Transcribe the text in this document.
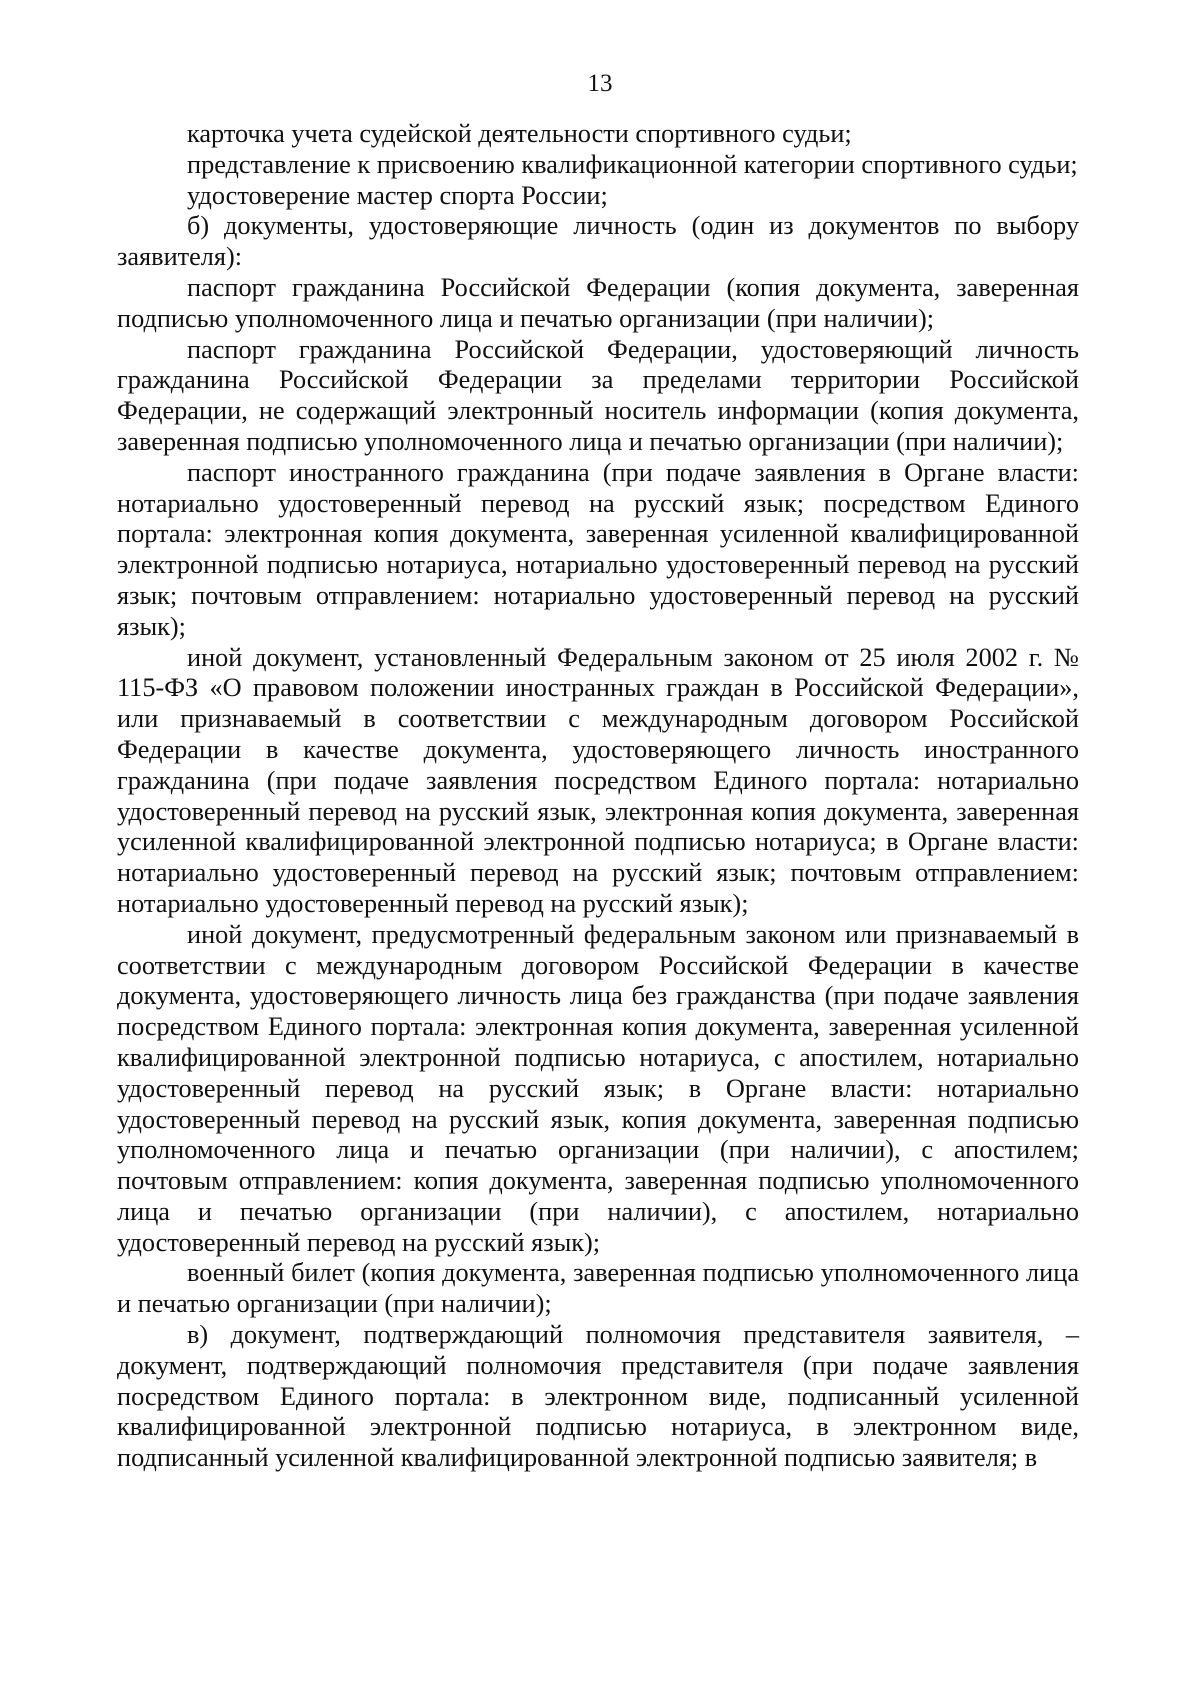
13

карточка учета судейской деятельности спортивного судьи;

представление к присвоению квалификационной категории спортивного судьи;

удостоверение мастер спорта России;

б) документы, удостоверяющие личность (один из документов по выбору заявителя):

паспорт гражданина Российской Федерации (копия документа, заверенная подписью уполномоченного лица и печатью организации (при наличии);

паспорт гражданина Российской Федерации, удостоверяющий личность гражданина Российской Федерации за пределами территории Российской Федерации, не содержащий электронный носитель информации (копия документа, заверенная подписью уполномоченного лица и печатью организации (при наличии);

паспорт иностранного гражданина (при подаче заявления в Органе власти: нотариально удостоверенный перевод на русский язык; посредством Единого портала: электронная копия документа, заверенная усиленной квалифицированной электронной подписью нотариуса, нотариально удостоверенный перевод на русский язык; почтовым отправлением: нотариально удостоверенный перевод на русский язык);

иной документ, установленный Федеральным законом от 25 июля 2002 г. № 115-ФЗ «О правовом положении иностранных граждан в Российской Федерации», или признаваемый в соответствии с международным договором Российской Федерации в качестве документа, удостоверяющего личность иностранного гражданина (при подаче заявления посредством Единого портала: нотариально удостоверенный перевод на русский язык, электронная копия документа, заверенная усиленной квалифицированной электронной подписью нотариуса; в Органе власти: нотариально удостоверенный перевод на русский язык; почтовым отправлением: нотариально удостоверенный перевод на русский язык);

иной документ, предусмотренный федеральным законом или признаваемый в соответствии с международным договором Российской Федерации в качестве документа, удостоверяющего личность лица без гражданства (при подаче заявления посредством Единого портала: электронная копия документа, заверенная усиленной квалифицированной электронной подписью нотариуса, с апостилем, нотариально удостоверенный перевод на русский язык; в Органе власти: нотариально удостоверенный перевод на русский язык, копия документа, заверенная подписью уполномоченного лица и печатью организации (при наличии), с апостилем; почтовым отправлением: копия документа, заверенная подписью уполномоченного лица и печатью организации (при наличии), с апостилем, нотариально удостоверенный перевод на русский язык);

военный билет (копия документа, заверенная подписью уполномоченного лица и печатью организации (при наличии);

в) документ, подтверждающий полномочия представителя заявителя, – документ, подтверждающий полномочия представителя (при подаче заявления посредством Единого портала: в электронном виде, подписанный усиленной квалифицированной электронной подписью нотариуса, в электронном виде, подписанный усиленной квалифицированной электронной подписью заявителя; в
